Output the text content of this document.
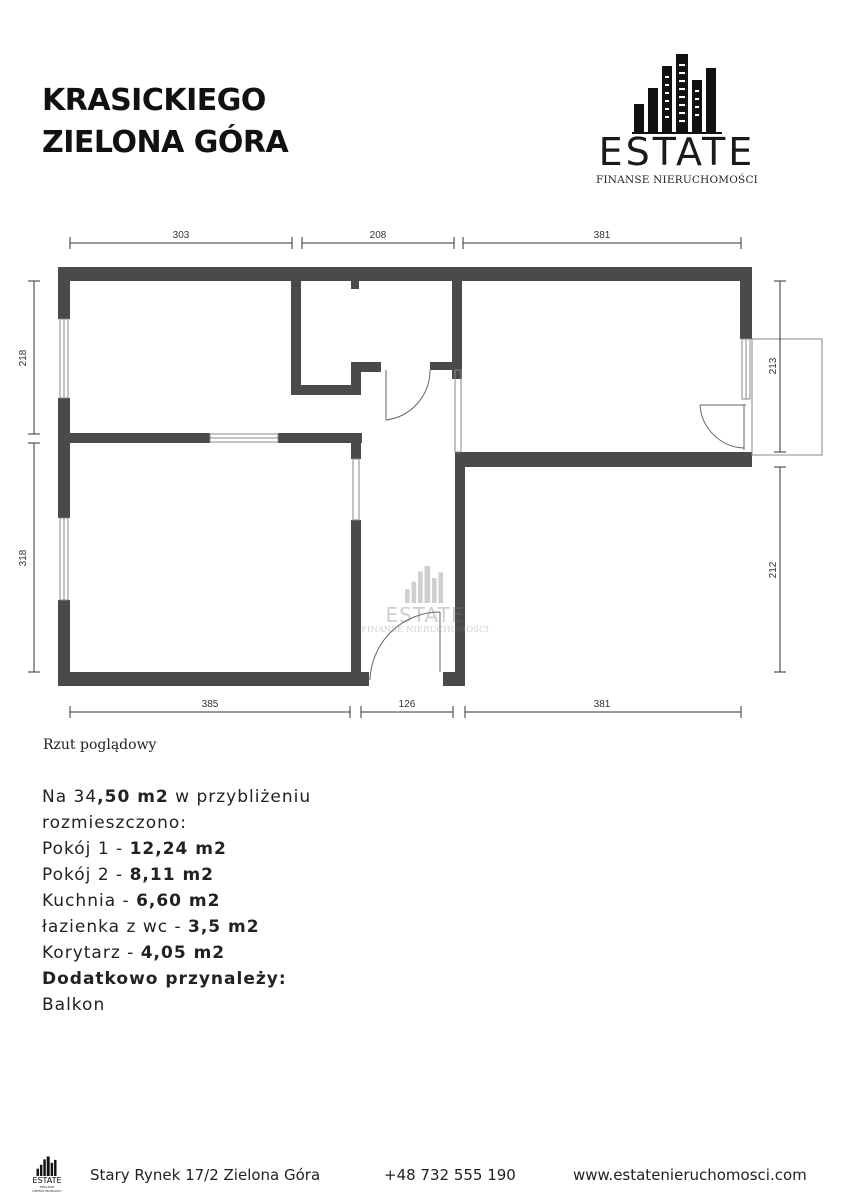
KRASICKIEGO
ZIELONA GÓRA	ESTATE
FINANSE NIERUCHOMOŚCI
303	208	381
385	126	381
218
318
213
212
ESTATE
FINANSE NIERUCHOMOŚCI
Rzut poglądowy
Na 34,50 m2 w przybliżeniu
rozmieszczono:
Pokój 1 - 12,24 m2
Pokój 2 - 8,11 m2
Kuchnia - 6,60 m2
łazienka z wc - 3,5 m2
Korytarz - 4,05 m2
Dodatkowo przynależy:
Balkon
ESTATE
FINANSE NIERUCHOMOŚCI
Stary Rynek 17/2 Zielona Góra	+48 732 555 190	www.estatenieruchomosci.com
